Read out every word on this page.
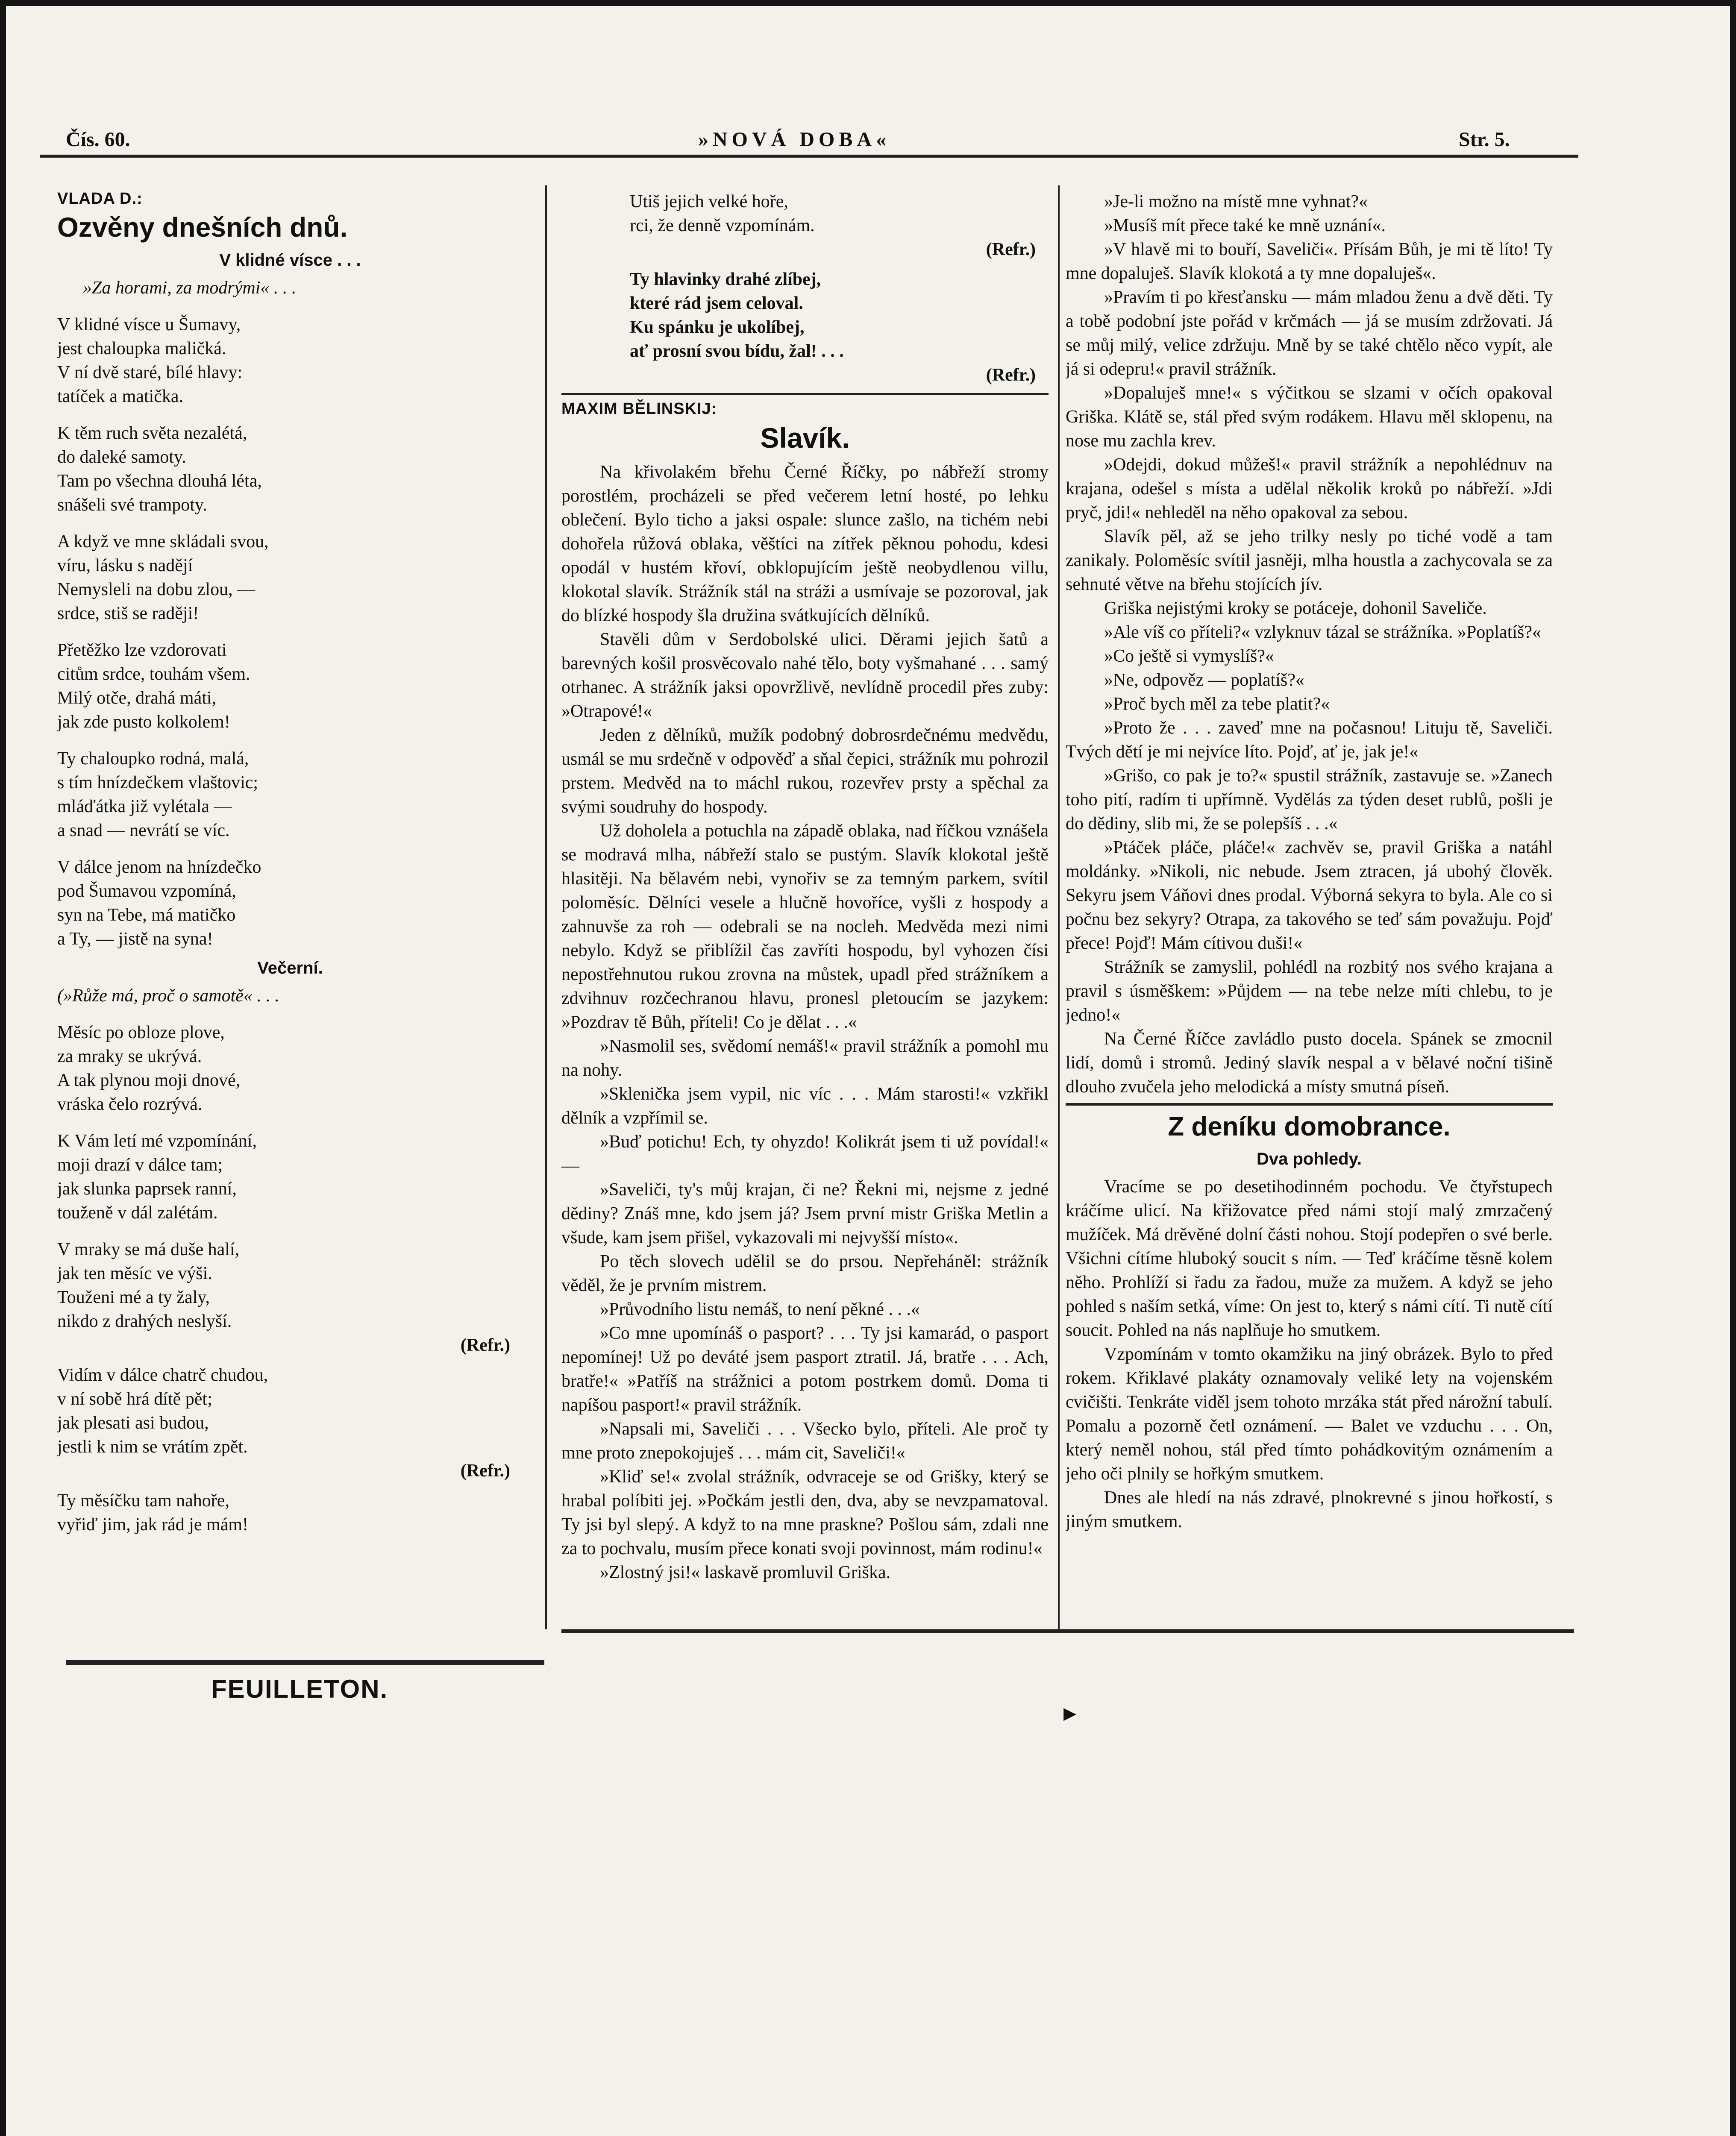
Čís. 60.	»NOVÁ DOBA«	Str. 5.
VLADA D.:
Ozvěny dnešních dnů.
V klidné vísce . . .
»Za horami, za modrými« . . .
V klidné vísce u Šumavy,
jest chaloupka maličká.
V ní dvě staré, bílé hlavy:
tatíček a matička.
K těm ruch světa nezalétá,
do daleké samoty.
Tam po všechna dlouhá léta,
snášeli své trampoty.
A když ve mne skládali svou,
víru, lásku s nadějí
Nemysleli na dobu zlou, —
srdce, stiš se raději!
Přetěžko lze vzdorovati
citům srdce, touhám všem.
Milý otče, drahá máti,
jak zde pusto kolkolem!
Ty chaloupko rodná, malá,
s tím hnízdečkem vlaštovic;
mláďátka již vylétala —
a snad — nevrátí se víc.
V dálce jenom na hnízdečko
pod Šumavou vzpomíná,
syn na Tebe, má matičko
a Ty, — jistě na syna!
Večerní.
(»Růže má, proč o samotě« . . .
Měsíc po obloze plove,
za mraky se ukrývá.
A tak plynou moji dnové,
vráska čelo rozrývá.
K Vám letí mé vzpomínání,
moji drazí v dálce tam;
jak slunka paprsek ranní,
touženě v dál zalétám.
V mraky se má duše halí,
jak ten měsíc ve výši.
Touženi mé a ty žaly,
nikdo z drahých neslyší.
(Refr.)
Vidím v dálce chatrč chudou,
v ní sobě hrá dítě pět;
jak plesati asi budou,
jestli k nim se vrátím zpět.
(Refr.)
Ty měsíčku tam nahoře,
vyřiď jim, jak rád je mám!
FEUILLETON.
Utiš jejich velké hoře,
rci, že denně vzpomínám.
(Refr.)
Ty hlavinky drahé zlíbej,
které rád jsem celoval.
Ku spánku je ukolíbej,
ať prosní svou bídu, žal! . . .
(Refr.)
MAXIM BĚLINSKIJ:
Slavík.

Na křivolakém břehu Černé Říčky, po nábřeží stromy porostlém, procházeli se před večerem letní hosté, po lehku oblečení. Bylo ticho a jaksi ospale: slunce zašlo, na tichém nebi dohořela růžová oblaka, věštíci na zítřek pěknou pohodu, kdesi opodál v hustém křoví, obklopujícím ještě neobydlenou villu, klokotal slavík. Strážník stál na stráži a usmívaje se pozoroval, jak do blízké hospody šla družina svátkujících dělníků.

Stavěli dům v Serdobolské ulici. Děrami jejich šatů a barevných košil prosvěcovalo nahé tělo, boty vyšmahané . . . samý otrhanec. A strážník jaksi opovržlivě, nevlídně procedil přes zuby: »Otrapové!«

Jeden z dělníků, mužík podobný dobrosrdečnému medvědu, usmál se mu srdečně v odpověď a sňal čepici, strážník mu pohrozil prstem. Medvěd na to máchl rukou, rozevřev prsty a spěchal za svými soudruhy do hospody.

Už doholela a potuchla na západě oblaka, nad říčkou vznášela se modravá mlha, nábřeží stalo se pustým. Slavík klokotal ještě hlasitěji. Na bělavém nebi, vynořiv se za temným parkem, svítil poloměsíc. Dělníci vesele a hlučně hovoříce, vyšli z hospody a zahnuvše za roh — odebrali se na nocleh. Medvěda mezi nimi nebylo. Když se přiblížil čas zavříti hospodu, byl vyhozen čísi nepostřehnutou rukou zrovna na můstek, upadl před strážníkem a zdvihnuv rozčechranou hlavu, pronesl pletoucím se jazykem: »Pozdrav tě Bůh, příteli! Co je dělat . . .«

»Nasmolil ses, svědomí nemáš!« pravil strážník a pomohl mu na nohy.

»Sklenička jsem vypil, nic víc . . . Mám starosti!« vzkřikl dělník a vzpřímil se.

»Buď potichu! Ech, ty ohyzdo! Kolikrát jsem ti už povídal!« —

»Saveliči, ty's můj krajan, či ne? Řekni mi, nejsme z jedné dědiny? Znáš mne, kdo jsem já? Jsem první mistr Griška Metlin a všude, kam jsem přišel, vykazovali mi nejvyšší místo«.

Po těch slovech udělil se do prsou. Nepřeháněl: strážník věděl, že je prvním mistrem.

»Průvodního listu nemáš, to není pěkné . . .«

»Co mne upomínáš o pasport? . . . Ty jsi kamarád, o pasport nepomínej! Už po deváté jsem pasport ztratil. Já, bratře . . . Ach, bratře!« »Patříš na strážnici a potom postrkem domů. Doma ti napíšou pasport!« pravil strážník.

»Napsali mi, Saveliči . . . Všecko bylo, příteli. Ale proč ty mne proto znepokojuješ . . . mám cit, Saveliči!«

»Kliď se!« zvolal strážník, odvraceje se od Grišky, který se hrabal políbiti jej. »Počkám jestli den, dva, aby se nevzpamatoval. Ty jsi byl slepý. A když to na mne praskne? Pošlou sám, zdali nne za to pochvalu, musím přece konati svoji povinnost, mám rodinu!«

»Zlostný jsi!« laskavě promluvil Griška.

»Je-li možno na místě mne vyhnat?«

»Musíš mít přece také ke mně uznání«.

»V hlavě mi to bouří, Saveliči«. Přísám Bůh, je mi tě líto! Ty mne dopaluješ. Slavík klokotá a ty mne dopaluješ«.

»Pravím ti po křesťansku — mám mladou ženu a dvě děti. Ty a tobě podobní jste pořád v krčmách — já se musím zdržovati. Já se můj milý, velice zdržuju. Mně by se také chtělo něco vypít, ale já si odepru!« pravil strážník.

»Dopaluješ mne!« s výčitkou se slzami v očích opakoval Griška. Klátě se, stál před svým rodákem. Hlavu měl sklopenu, na nose mu zachla krev.

»Odejdi, dokud můžeš!« pravil strážník a nepohlédnuv na krajana, odešel s místa a udělal několik kroků po nábřeží. »Jdi pryč, jdi!« nehleděl na něho opakoval za sebou.

Slavík pěl, až se jeho trilky nesly po tiché vodě a tam zanikaly. Poloměsíc svítil jasněji, mlha houstla a zachycovala se za sehnuté větve na břehu stojících jív.

Griška nejistými kroky se potáceje, dohonil Saveliče.

»Ale víš co příteli?« vzlyknuv tázal se strážníka. »Poplatíš?«

»Co ještě si vymyslíš?«

»Ne, odpověz — poplatíš?«

»Proč bych měl za tebe platit?«

»Proto že . . . zaveď mne na počasnou! Lituju tě, Saveliči. Tvých dětí je mi nejvíce líto. Pojď, ať je, jak je!«

»Grišo, co pak je to?« spustil strážník, zastavuje se. »Zanech toho pití, radím ti upřímně. Vydělás za týden deset rublů, pošli je do dědiny, slib mi, že se polepšíš . . .«

»Ptáček pláče, pláče!« zachvěv se, pravil Griška a natáhl moldánky. »Nikoli, nic nebude. Jsem ztracen, já ubohý člověk. Sekyru jsem Váňovi dnes prodal. Výborná sekyra to byla. Ale co si počnu bez sekyry? Otrapa, za takového se teď sám považuju. Pojď přece! Pojď! Mám cítivou duši!«

Strážník se zamyslil, pohlédl na rozbitý nos svého krajana a pravil s úsměškem: »Půjdem — na tebe nelze míti chlebu, to je jedno!«

Na Černé Říčce zavládlo pusto docela. Spánek se zmocnil lidí, domů i stromů. Jediný slavík nespal a v bělavé noční tišině dlouho zvučela jeho melodická a místy smutná píseň.

Z deníku domobrance.
Dva pohledy.

Vracíme se po desetihodinném pochodu. Ve čtyřstupech kráčíme ulicí. Na křižovatce před námi stojí malý zmrzačený mužíček. Má drěvěné dolní části nohou. Stojí podepřen o své berle. Všichni cítíme hluboký soucit s ním. — Teď kráčíme těsně kolem něho. Prohlíží si řadu za řadou, muže za mužem. A když se jeho pohled s naším setká, víme: On jest to, který s námi cítí. Ti nutě cítí soucit. Pohled na nás naplňuje ho smutkem.

Vzpomínám v tomto okamžiku na jiný obrázek. Bylo to před rokem. Křiklavé plakáty oznamovaly veliké lety na vojenském cvičišti. Tenkráte viděl jsem tohoto mrzáka stát před nárožní tabulí. Pomalu a pozorně četl oznámení. — Balet ve vzduchu . . . On, který neměl nohou, stál před tímto pohádkovitým oznámením a jeho oči plnily se hořkým smutkem.

Dnes ale hledí na nás zdravé, plnokrevné s jinou hořkostí, s jiným smutkem.

▸
